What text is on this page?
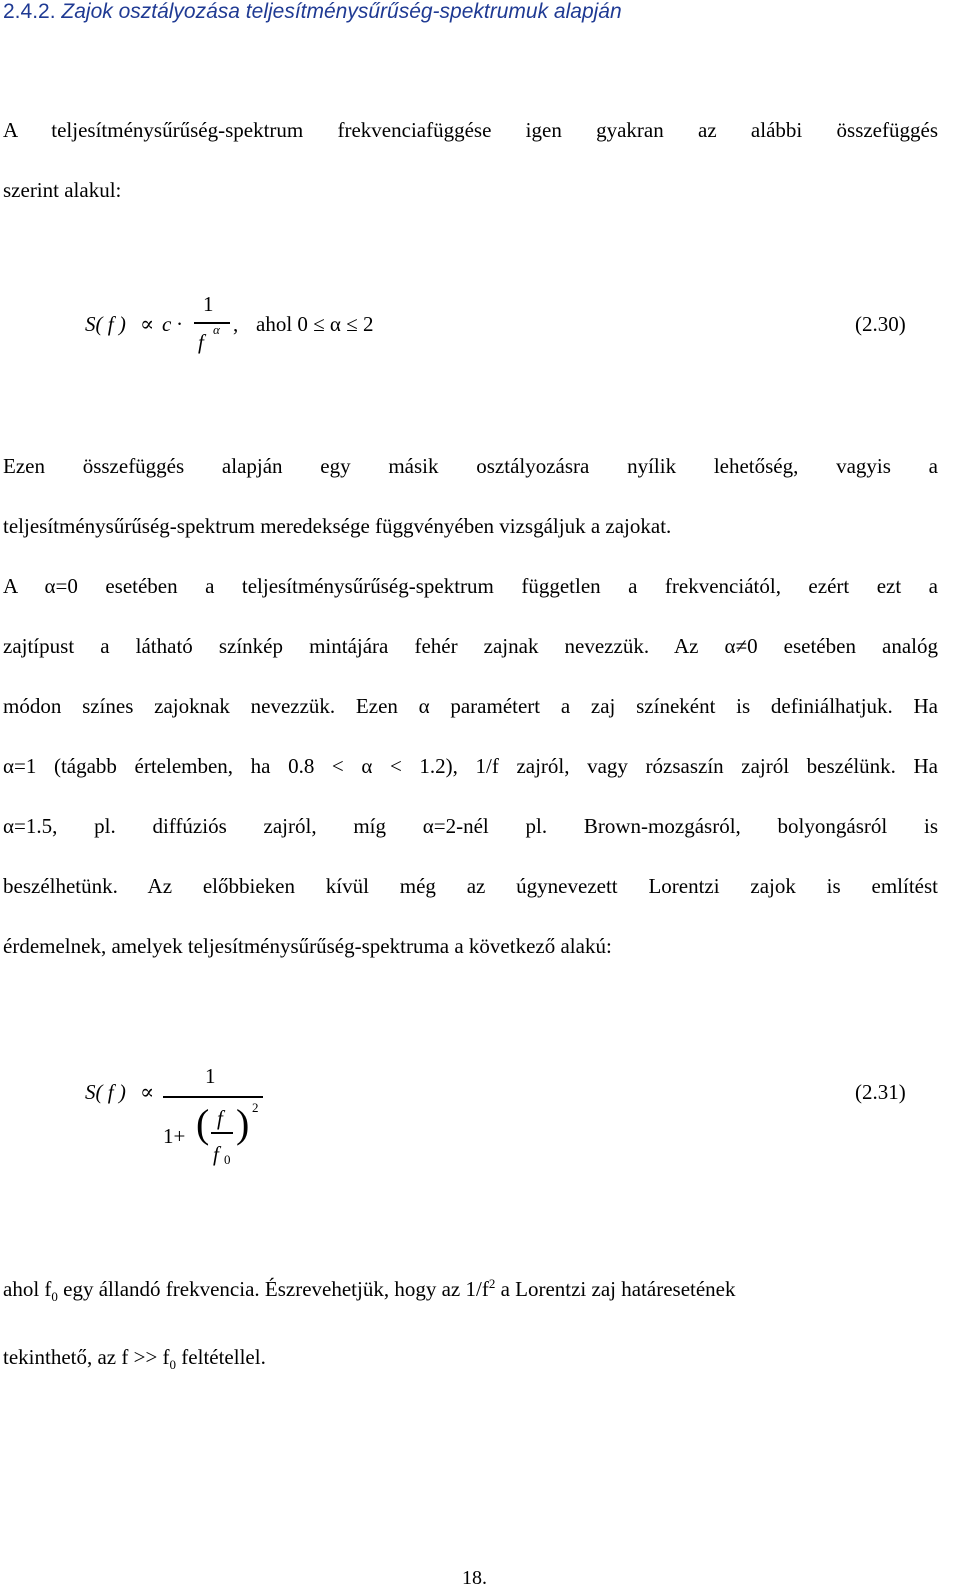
2.4.2. Zajok osztályozása teljesítménysűrűség-spektrumuk alapján
A teljesítménysűrűség-spektrum frekvenciafüggése igen gyakran az alábbi összefüggés
szerint alakul:
S( f ) ∝ c ·
1
f
α , ahol 0 ≤ α ≤ 2	(2.30)
Ezen összefüggés alapján egy másik osztályozásra nyílik lehetőség, vagyis a
teljesítménysűrűség-spektrum meredeksége függvényében vizsgáljuk a zajokat.
A α=0 esetében a teljesítménysűrűség-spektrum független a frekvenciától, ezért ezt a
zajtípust a látható színkép mintájára fehér zajnak nevezzük. Az α≠0 esetében analóg
módon színes zajoknak nevezzük. Ezen α paramétert a zaj színeként is definiálhatjuk. Ha
α=1 (tágabb értelemben, ha 0.8 < α < 1.2), 1/f zajról, vagy rózsaszín zajról beszélünk. Ha
α=1.5, pl. diffúziós zajról, míg α=2-nél pl. Brown-mozgásról, bolyongásról is
beszélhetünk. Az előbbieken kívül még az úgynevezett Lorentzi zajok is említést
érdemelnek, amelyek teljesítménysűrűség-spektruma a következő alakú:
S( f ) ∝
1
1+ ( f
f 0
) 2
(2.31)
ahol $f_0$ egy állandó frekvencia. Észrevehetjük, hogy az $1/f^2$ a Lorentzi zaj határesetének
tekinthető, az $f >> f_0$ feltétellel.
18.
